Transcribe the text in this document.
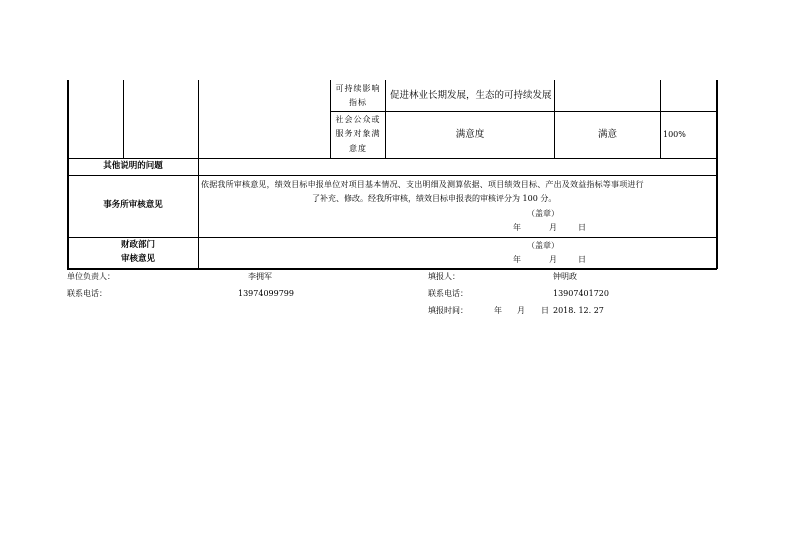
可持续影响
指标
促进林业长期发展，生态的可持续发展
社会公众或
服务对象满
意度
满意度	满意	100%
其他说明的问题
事务所审核意见
依据我所审核意见，绩效目标申报单位对项目基本情况、支出明细及测算依据、项目绩效目标、产出及效益指标等事项进行
了补充、修改。经我所审核，绩效目标申报表的审核评分为 100 分。
（盖章）
年	月	日
财政部门
审核意见
（盖章）
年	月	日
单位负责人：	李拥军	填报人：	钟明政
联系电话：	13974099799	联系电话：	13907401720
填报时间：	年 月 日 2018. 12. 27
